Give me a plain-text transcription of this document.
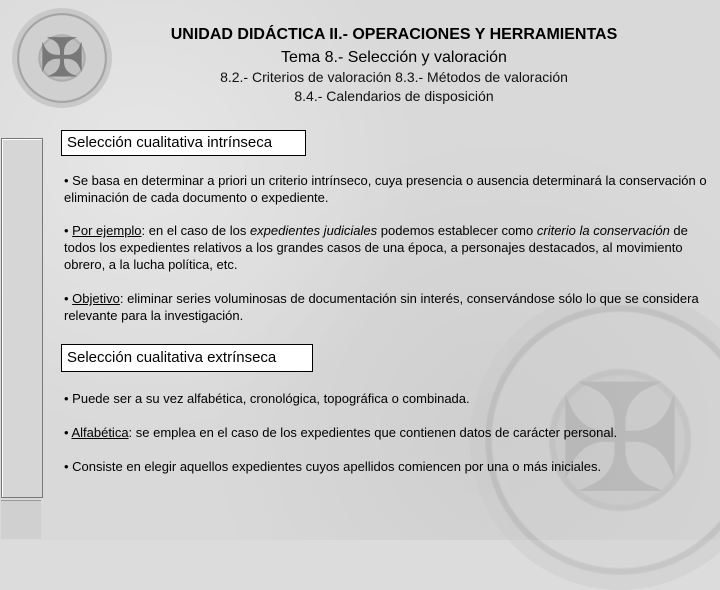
✠
✠	UNIDAD DIDÁCTICA II.- OPERACIONES Y HERRAMIENTAS
Tema 8.- Selección y valoración
8.2.- Criterios de valoración 8.3.- Métodos de valoración
8.4.- Calendarios de disposición
Selección cualitativa intrínseca
• Se basa en determinar a priori un criterio intrínseco, cuya presencia o ausencia determinará la conservación o eliminación de cada documento o expediente.
• Por ejemplo: en el caso de los expedientes judiciales podemos establecer como criterio la conservación de todos los expedientes relativos a los grandes casos de una época, a personajes destacados, al movimiento obrero, a la lucha política, etc.
• Objetivo: eliminar series voluminosas de documentación sin interés, conservándose sólo lo que se considera relevante para la investigación.
Selección cualitativa extrínseca
• Puede ser a su vez alfabética, cronológica, topográfica o combinada.
• Alfabética: se emplea en el caso de los expedientes que contienen datos de carácter personal.
• Consiste en elegir aquellos expedientes cuyos apellidos comiencen por una o más iniciales.
